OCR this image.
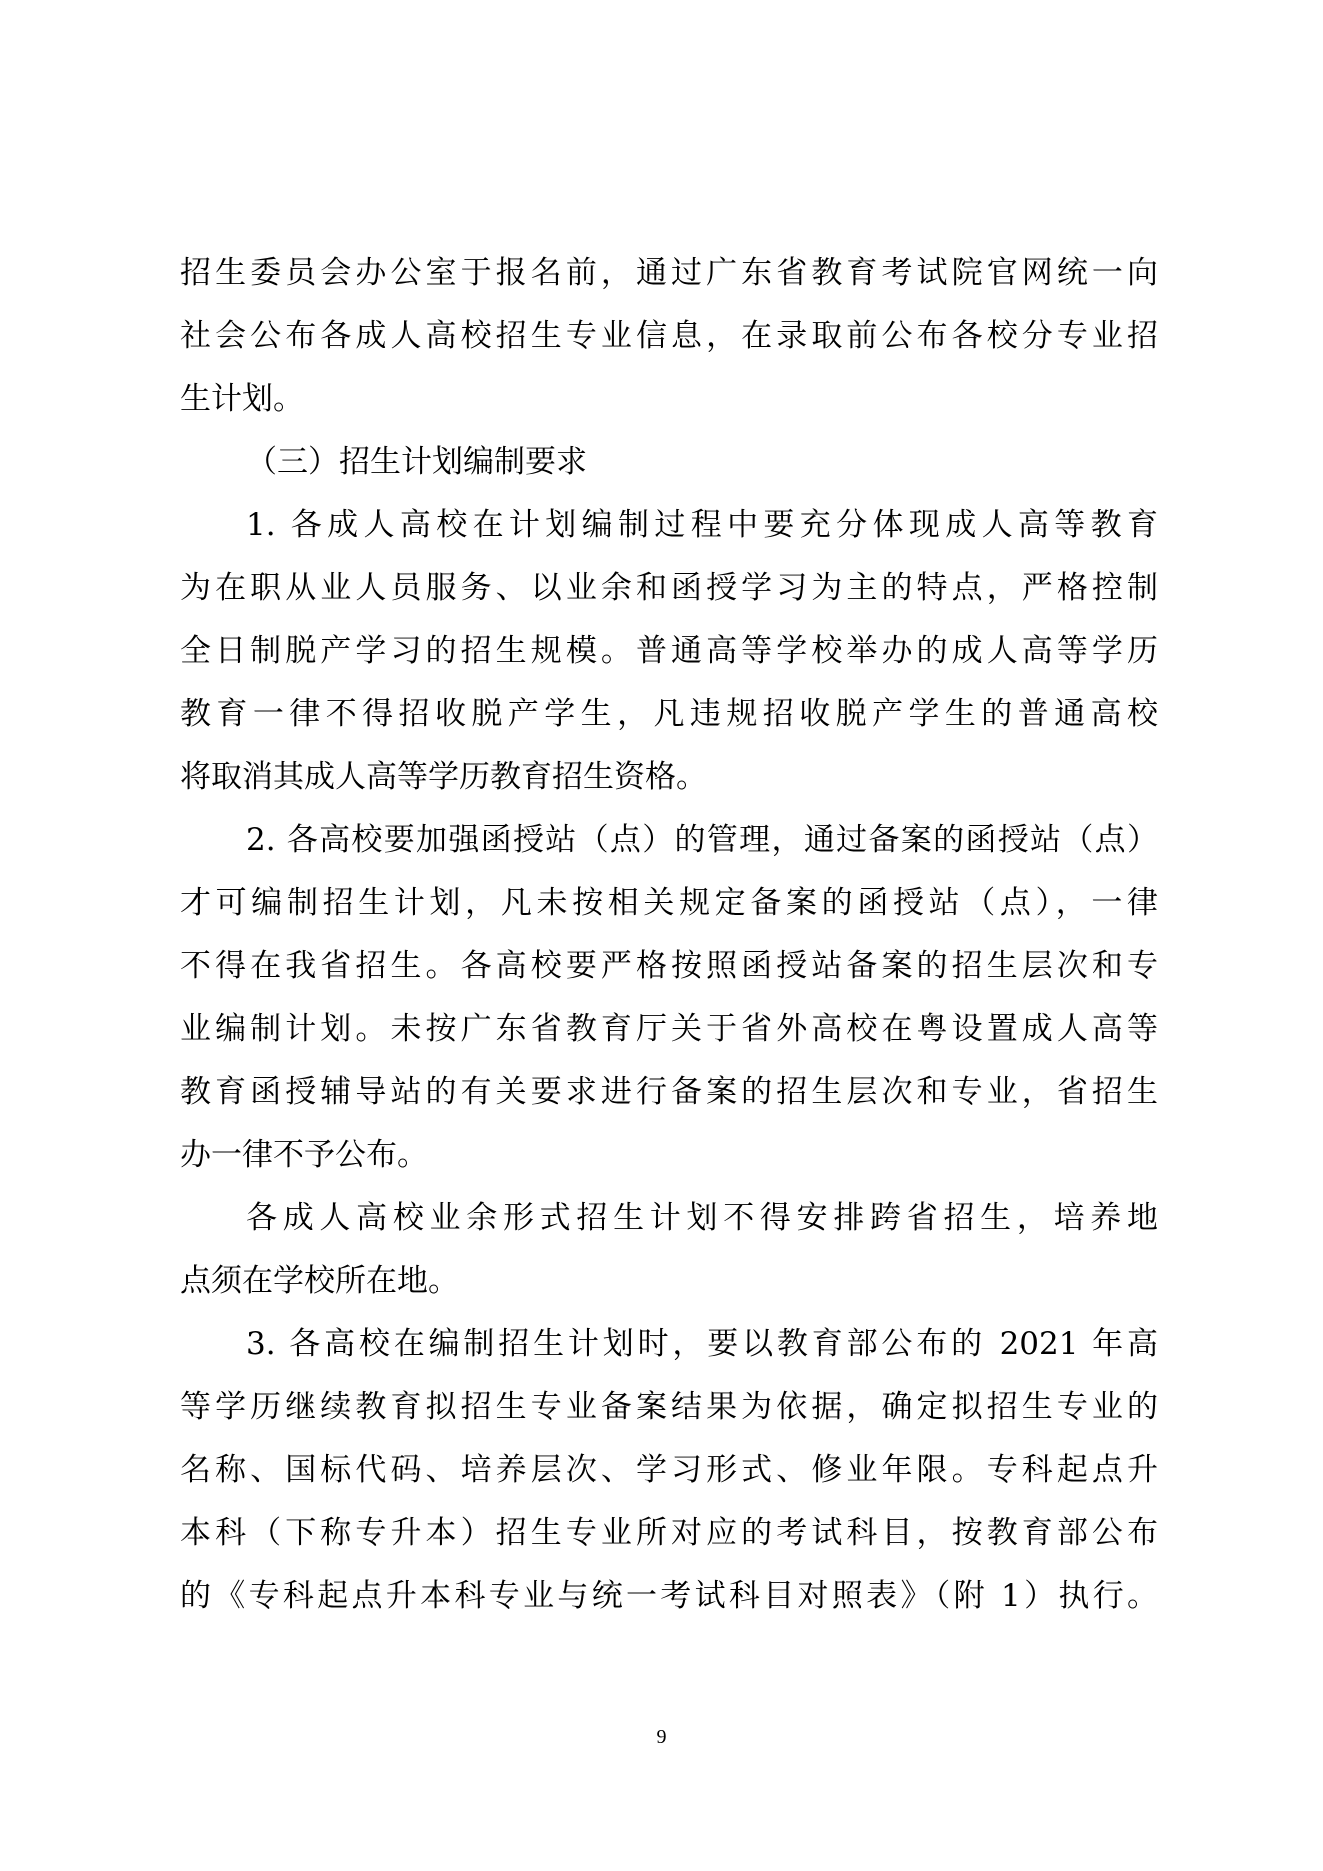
招生委员会办公室于报名前，通过广东省教育考试院官网统一向
社会公布各成人高校招生专业信息，在录取前公布各校分专业招
生计划。
（三）招生计划编制要求
1. 各成人高校在计划编制过程中要充分体现成人高等教育
为在职从业人员服务、以业余和函授学习为主的特点，严格控制
全日制脱产学习的招生规模。普通高等学校举办的成人高等学历
教育一律不得招收脱产学生，凡违规招收脱产学生的普通高校
将取消其成人高等学历教育招生资格。
2. 各高校要加强函授站（点）的管理，通过备案的函授站（点）
才可编制招生计划，凡未按相关规定备案的函授站（点），一律
不得在我省招生。各高校要严格按照函授站备案的招生层次和专
业编制计划。未按广东省教育厅关于省外高校在粤设置成人高等
教育函授辅导站的有关要求进行备案的招生层次和专业，省招生
办一律不予公布。
各成人高校业余形式招生计划不得安排跨省招生，培养地
点须在学校所在地。
3. 各高校在编制招生计划时，要以教育部公布的 2021 年高
等学历继续教育拟招生专业备案结果为依据，确定拟招生专业的
名称、国标代码、培养层次、学习形式、修业年限。专科起点升
本科（下称专升本）招生专业所对应的考试科目，按教育部公布
的《专科起点升本科专业与统一考试科目对照表》（附 1）执行。
9
